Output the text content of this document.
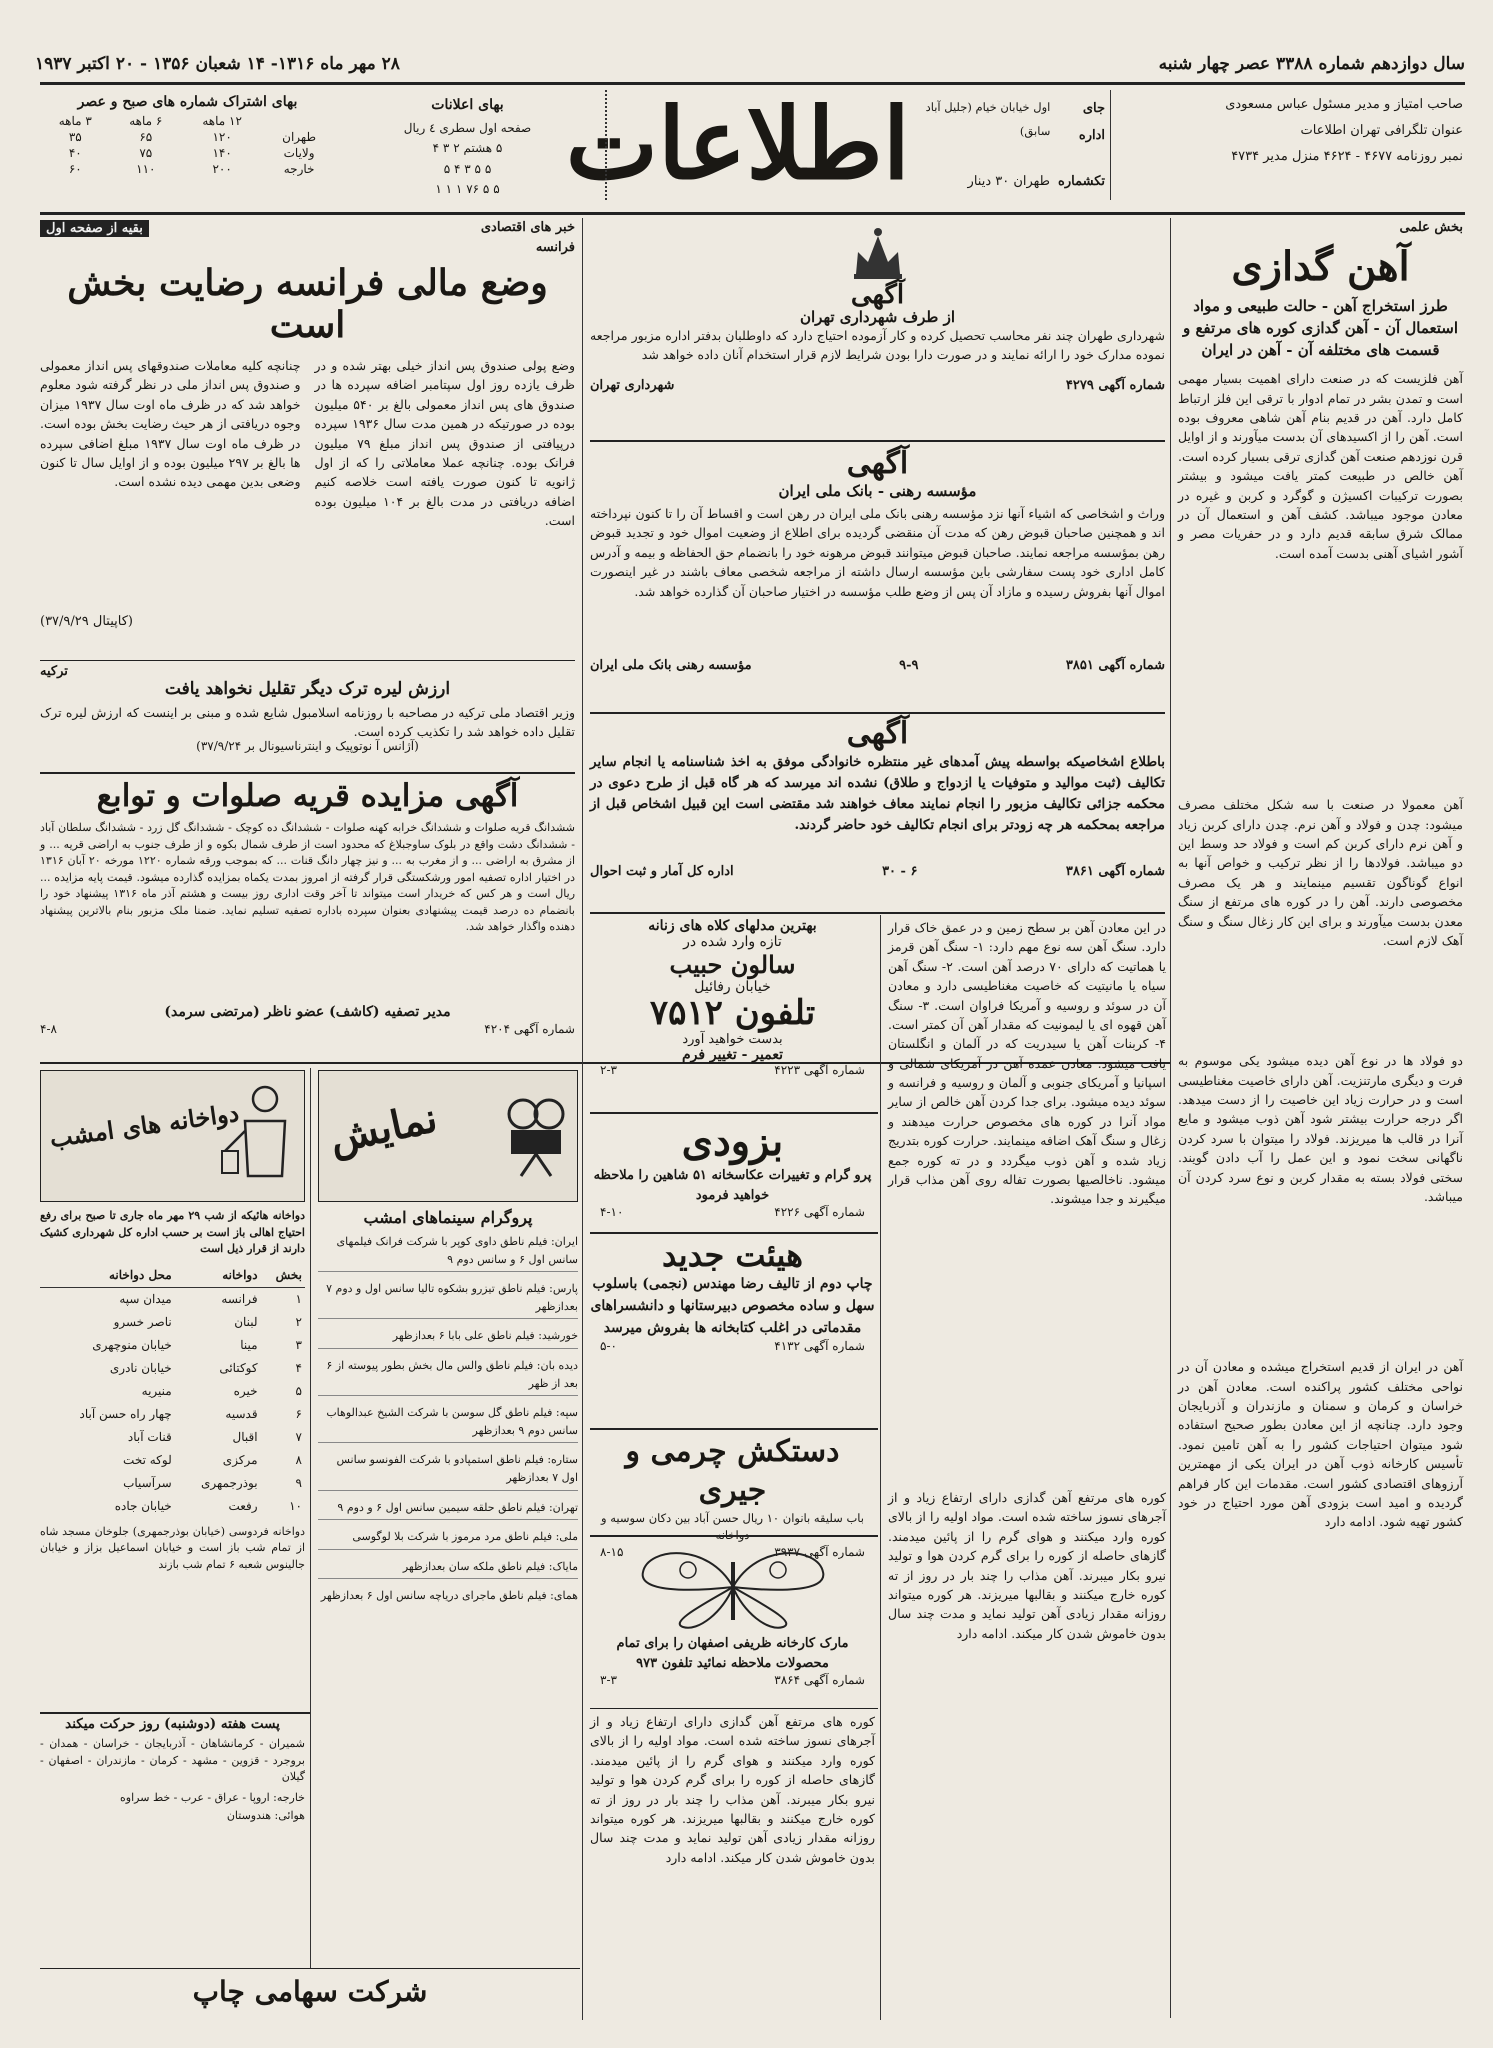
سال دوازدهم شماره ۳۳۸۸ عصر چهار شنبه
۲۸ مهر ماه ۱۳۱۶- ۱۴ شعبان ۱۳۵۶ - ۲۰ اکتبر ۱۹۳۷
صاحب امتیاز و مدیر مسئول عباس مسعودی
عنوان تلگرافی تهران اطلاعات
نمبر روزنامه ۴۶۷۷ - ۴۶۲۴ منزل مدیر ۴۷۳۴
جای اداره
اول خیابان خیام (جلیل آباد سابق)
تکشماره
طهران ۳۰ دینار
اطلاعات
بهای اعلانات
صفحه اول سطری ٤ ریال
۵ هشتم ۲ ۳ ۴
۵ ۵ ۳ ۴ ۵
۵ ۵ ۷۶ ۱ ۱ ۱
بهای اشتراک شماره های صبح و عصر
	۱۲ ماهه	۶ ماهه	۳ ماهه
طهران	۱۲۰	۶۵	۳۵
ولایات	۱۴۰	۷۵	۴۰
خارجه	۲۰۰	۱۱۰	۶۰
بخش علمی
آهن گدازی
طرز استخراج آهن - حالت طبیعی و مواد استعمال آن - آهن گدازی کوره های مرتفع و قسمت های مختلفه آن - آهن در ایران
آهن فلزیست که در صنعت دارای اهمیت بسیار مهمی است و تمدن بشر در تمام ادوار با ترقی این فلز ارتباط کامل دارد. آهن در قدیم بنام آهن شاهی معروف بوده است. آهن را از اکسیدهای آن بدست میآورند و از اوایل قرن نوزدهم صنعت آهن گدازی ترقی بسیار کرده است. آهن خالص در طبیعت کمتر یافت میشود و بیشتر بصورت ترکیبات اکسیژن و گوگرد و کربن و غیره در معادن موجود میباشد. کشف آهن و استعمال آن در ممالک شرق سابقه قدیم دارد و در حفریات مصر و آشور اشیای آهنی بدست آمده است.
آهن معمولا در صنعت با سه شکل مختلف مصرف میشود: چدن و فولاد و آهن نرم. چدن دارای کربن زیاد و آهن نرم دارای کربن کم است و فولاد حد وسط این دو میباشد. فولادها را از نظر ترکیب و خواص آنها به انواع گوناگون تقسیم مینمایند و هر یک مصرف مخصوصی دارند. آهن را در کوره های مرتفع از سنگ معدن بدست میآورند و برای این کار زغال سنگ و سنگ آهک لازم است.
دو فولاد ها در نوع آهن دیده میشود یکی موسوم به فرت و دیگری مارتنزیت. آهن دارای خاصیت مغناطیسی است و در حرارت زیاد این خاصیت را از دست میدهد. اگر درجه حرارت بیشتر شود آهن ذوب میشود و مایع آنرا در قالب ها میریزند. فولاد را میتوان با سرد کردن ناگهانی سخت نمود و این عمل را آب دادن گویند. سختی فولاد بسته به مقدار کربن و نوع سرد کردن آن میباشد.
آهن در ایران از قدیم استخراج میشده و معادن آن در نواحی مختلف کشور پراکنده است. معادن آهن در خراسان و کرمان و سمنان و مازندران و آذربایجان وجود دارد. چنانچه از این معادن بطور صحیح استفاده شود میتوان احتیاجات کشور را به آهن تامین نمود. تأسیس کارخانه ذوب آهن در ایران یکی از مهمترین آرزوهای اقتصادی کشور است. مقدمات این کار فراهم گردیده و امید است بزودی آهن مورد احتیاج در خود کشور تهیه شود. ادامه دارد
خبر های اقتصادی
فرانسه
بقیه از صفحه اول
وضع مالی فرانسه رضایت بخش است
وضع پولی صندوق پس انداز خیلی بهتر شده و در ظرف یازده روز اول سپتامبر اضافه سپرده ها در صندوق های پس انداز معمولی بالغ بر ۵۴۰ میلیون بوده در صورتیکه در همین مدت سال ۱۹۳۶ سپرده درپیافتی از صندوق پس انداز مبلغ ۷۹ میلیون فرانک بوده. چنانچه عملا معاملاتی را که از اول ژانویه تا کنون صورت یافته است خلاصه کنیم اضافه دریافتی در مدت بالغ بر ۱۰۴ میلیون بوده است.
چنانچه کلیه معاملات صندوقهای پس انداز معمولی و صندوق پس انداز ملی در نظر گرفته شود معلوم خواهد شد که در ظرف ماه اوت سال ۱۹۳۷ میزان وجوه دریافتی از هر حیث رضایت بخش بوده است. در ظرف ماه اوت سال ۱۹۳۷ مبلغ اضافی سپرده ها بالغ بر ۲۹۷ میلیون بوده و از اوایل سال تا کنون وضعی بدین مهمی دیده نشده است.
(کاپیتال ۳۷/۹/۲۹)
ترکیه
ارزش لیره ترک دیگر تقلیل نخواهد یافت
وزیر اقتصاد ملی ترکیه در مصاحبه با روزنامه اسلامبول شایع شده و مبنی بر اینست که ارزش لیره ترک تقلیل داده خواهد شد را تکذیب کرده است.
(آژانس آ نوتوپیک و اینترناسیونال بر ۳۷/۹/۲۴)
آگهی مزایده قریه صلوات و توابع
ششدانگ قریه صلوات و ششدانگ خرابه کهنه صلوات - ششدانگ ده کوچک - ششدانگ گل زرد - ششدانگ سلطان آباد - ششدانگ دشت واقع در بلوک ساوجبلاغ که محدود است از طرف شمال بکوه و از طرف جنوب به اراضی قریه ... و از مشرق به اراضی ... و از مغرب به ... و نیز چهار دانگ قنات ... که بموجب ورقه شماره ۱۲۲۰ مورخه ۲۰ آبان ۱۳۱۶ در اختیار اداره تصفیه امور ورشکستگی قرار گرفته از امروز بمدت یکماه بمزایده گذارده میشود. قیمت پایه مزایده ... ریال است و هر کس که خریدار است میتواند تا آخر وقت اداری روز بیست و هشتم آذر ماه ۱۳۱۶ پیشنهاد خود را بانضمام ده درصد قیمت پیشنهادی بعنوان سپرده باداره تصفیه تسلیم نماید. ضمنا ملک مزبور بنام بالاترین پیشنهاد دهنده واگذار خواهد شد.
مدیر تصفیه (کاشف) عضو ناظر (مرتضی سرمد)
شماره آگهی ۴۲۰۴
۴-۸
آگهی
از طرف شهرداری تهران
شهرداری طهران چند نفر محاسب تحصیل کرده و کار آزموده احتیاج دارد که داوطلبان بدفتر اداره مزبور مراجعه نموده مدارک خود را ارائه نمایند و در صورت دارا بودن شرایط لازم قرار استخدام آنان داده خواهد شد
شماره آگهی ۴۲۷۹
شهرداری تهران
آگهی
مؤسسه رهنی - بانک ملی ایران
وراث و اشخاصی که اشیاء آنها نزد مؤسسه رهنی بانک ملی ایران در رهن است و اقساط آن را تا کنون نپرداخته اند و همچنین صاحبان قبوض رهن که مدت آن منقضی گردیده برای اطلاع از وضعیت اموال خود و تجدید قبوض رهن بمؤسسه مراجعه نمایند. صاحبان قبوض میتوانند قبوض مرهونه خود را بانضمام حق الحفاظه و بیمه و آدرس کامل اداری خود پست سفارشی باین مؤسسه ارسال داشته از مراجعه شخصی معاف باشند در غیر اینصورت اموال آنها بفروش رسیده و مازاد آن پس از وضع طلب مؤسسه در اختیار صاحبان آن گذارده خواهد شد.
شماره آگهی ۳۸۵۱
۹-۹
مؤسسه رهنی بانک ملی ایران
آگهی
باطلاع اشخاصیکه بواسطه پیش آمدهای غیر منتظره خانوادگی موفق به اخذ شناسنامه یا انجام سایر تکالیف (ثبت موالید و متوفیات یا ازدواج و طلاق) نشده اند میرسد که هر گاه قبل از طرح دعوی در محکمه جزائی تکالیف مزبور را انجام نمایند معاف خواهند شد مقتضی است این قبیل اشخاص قبل از مراجعه بمحکمه هر چه زودتر برای انجام تکالیف خود حاضر گردند.
شماره آگهی ۳۸۶۱
۶ - ۳۰
اداره کل آمار و ثبت احوال
در این معادن آهن بر سطح زمین و در عمق خاک قرار دارد. سنگ آهن سه نوع مهم دارد: ۱- سنگ آهن قرمز یا هماتیت که دارای ۷۰ درصد آهن است. ۲- سنگ آهن سیاه یا مانیتیت که خاصیت مغناطیسی دارد و معادن آن در سوئد و روسیه و آمریکا فراوان است. ۳- سنگ آهن قهوه ای یا لیمونیت که مقدار آهن آن کمتر است. ۴- کربنات آهن یا سیدریت که در آلمان و انگلستان یافت میشود. معادن عمده آهن در آمریکای شمالی و اسپانیا و آمریکای جنوبی و آلمان و روسیه و فرانسه و سوئد دیده میشود. برای جدا کردن آهن خالص از سایر مواد آنرا در کوره های مخصوص حرارت میدهند و زغال و سنگ آهک اضافه مینمایند. حرارت کوره بتدریج زیاد شده و آهن ذوب میگردد و در ته کوره جمع میشود. ناخالصیها بصورت تفاله روی آهن مذاب قرار میگیرند و جدا میشوند.
کوره های مرتفع آهن گدازی دارای ارتفاع زیاد و از آجرهای نسوز ساخته شده است. مواد اولیه را از بالای کوره وارد میکنند و هوای گرم را از پائین میدمند. گازهای حاصله از کوره را برای گرم کردن هوا و تولید نیرو بکار میبرند. آهن مذاب را چند بار در روز از ته کوره خارج میکنند و بقالبها میریزند. هر کوره میتواند روزانه مقدار زیادی آهن تولید نماید و مدت چند سال بدون خاموش شدن کار میکند. ادامه دارد
بهترین مدلهای کلاه های زنانه
تازه وارد شده در
سالون حبیب
خیابان رفائیل
تلفون ۷۵۱۲
بدست خواهید آورد
تعمیر - تغییر فرم
شماره آگهی ۴۲۲۳
۲-۳
بزودی
پرو گرام و تغییرات عکاسخانه ۵۱ شاهین را ملاحظه خواهید فرمود
شماره آگهی ۴۲۲۶
۴-۱۰
هیئت جدید
چاپ دوم از تالیف رضا مهندس (نجمی) باسلوب سهل و ساده مخصوص دبیرستانها و دانشسراهای مقدماتی در اغلب کتابخانه ها بفروش میرسد
شماره آگهی ۴۱۳۲
۵-۰
دستکش چرمی و جیری
باب سلیقه بانوان ۱۰ ریال حسن آباد بین دکان سوسیه و دواخانه
شماره آگهی ۳۹۳۷
۸-۱۵
مارک کارخانه ظریفی اصفهان را برای تمام محصولات ملاحظه نمائید تلفون ۹۷۳
شماره آگهی ۳۸۶۴
۳-۳
کوره های مرتفع آهن گدازی دارای ارتفاع زیاد و از آجرهای نسوز ساخته شده است. مواد اولیه را از بالای کوره وارد میکنند و هوای گرم را از پائین میدمند. گازهای حاصله از کوره را برای گرم کردن هوا و تولید نیرو بکار میبرند. آهن مذاب را چند بار در روز از ته کوره خارج میکنند و بقالبها میریزند. هر کوره میتواند روزانه مقدار زیادی آهن تولید نماید و مدت چند سال بدون خاموش شدن کار میکند. ادامه دارد
نمایش
پروگرام سینماهای امشب
ایران: فیلم ناطق داوی کوپر با شرکت فرانک فیلمهای سانس اول ۶ و سانس دوم ۹
پارس: فیلم ناطق تیزرو بشکوه تالیا سانس اول و دوم ۷ بعدازظهر
خورشید: فیلم ناطق علی بابا ۶ بعدازظهر
دیده بان: فیلم ناطق والس مال بخش بطور پیوسته از ۶ بعد از ظهر
سپه: فیلم ناطق گل سوسن با شرکت الشیخ عبدالوهاب سانس دوم ۹ بعدازظهر
ستاره: فیلم ناطق استمپادو با شرکت الفونسو سانس اول ۷ بعدازظهر
تهران: فیلم ناطق حلقه سیمین سانس اول ۶ و دوم ۹
ملی: فیلم ناطق مرد مرموز با شرکت بلا لوگوسی
مایاک: فیلم ناطق ملکه سان بعدازظهر
همای: فیلم ناطق ماجرای دریاچه سانس اول ۶ بعدازظهر
دواخانه های امشب
دواخانه هائیکه از شب ۲۹ مهر ماه جاری تا صبح برای رفع احتیاج اهالی باز است بر حسب اداره کل شهرداری کشیک دارند از قرار ذیل است
بخش	دواخانه	محل دواخانه
۱	فرانسه	میدان سپه
۲	لبنان	ناصر خسرو
۳	مینا	خیابان منوچهری
۴	کوکتائی	خیابان نادری
۵	خیره	منیریه
۶	قدسیه	چهار راه حسن آباد
۷	اقبال	قنات آباد
۸	مرکزی	لوکه تخت
۹	بوذرجمهری	سرآسیاب
۱۰	رفعت	خیابان جاده
دواخانه فردوسی (خیابان بوذرجمهری) جلوخان مسجد شاه از تمام شب باز است و خیابان اسماعیل بزاز و خیابان جالینوس شعبه ۶ تمام شب بازند
پست هفته (دوشنبه) روز حرکت میکند
شمیران - کرمانشاهان - آذربایجان - خراسان - همدان - بروجرد - قزوین - مشهد - کرمان - مازندران - اصفهان - گیلان
خارجه: اروپا - عراق - عرب - خط سراوه
هوائی: هندوستان
شرکت سهامی چاپ
